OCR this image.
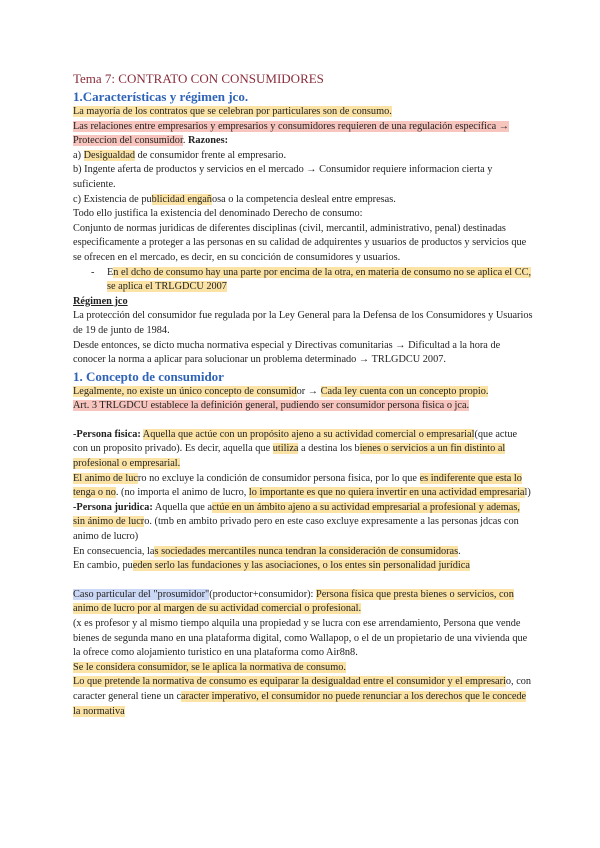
Tema 7: CONTRATO CON CONSUMIDORES
1.Características y régimen jco.

La mayoría de los contratos que se celebran por particulares son de consumo.

Las relaciones entre empresarios y empresarios y consumidores requieren de una regulación específica → Proteccion del consumidor. Razones:

a) Desigualdad de consumidor frente al empresario.

b) Ingente aferta de productos y servicios en el mercado → Consumidor requiere informacion cierta y suficiente.

c) Existencia de publicidad engañosa o la competencia desleal entre empresas.

Todo ello justifica la existencia del denominado Derecho de consumo:

Conjunto de normas juridicas de diferentes disciplinas (civil, mercantil, administrativo, penal) destinadas especificamente a proteger a las personas en su calidad de adquirentes y usuarios de productos y servicios que se ofrecen en el mercado, es decir, en su concición de consumidores y usuarios.

-	En el dcho de consumo hay una parte por encima de la otra, en materia de consumo no se aplica el CC, se aplica el TRLGDCU 2007
Régimen jco

La protección del consumidor fue regulada por la Ley General para la Defensa de los Consumidores y Usuarios de 19 de junto de 1984.

Desde entonces, se dicto mucha normativa especial y Directivas comunitarias → Dificultad a la hora de conocer la norma a aplicar para solucionar un problema determinado → TRLGDCU 2007.

1. Concepto de consumidor

Legalmente, no existe un único concepto de consumidor → Cada ley cuenta con un concepto propio.

Art. 3 TRLGDCU establece la definición general, pudiendo ser consumidor persona fisica o jca.

-Persona fisica: Aquella que actúe con un propósito ajeno a su actividad comercial o empresarial(que actue con un proposito privado). Es decir, aquella que utiliza a destina los bienes o servicios a un fin distinto al profesional o empresarial.

El animo de lucro no excluye la condición de consumidor persona fisica, por lo que es indiferente que esta lo tenga o no. (no importa el animo de lucro, lo importante es que no quiera invertir en una actividad empresarial)

-Persona juridica: Aquella que actúe en un ámbito ajeno a su actividad empresarial a profesional y ademas, sin ánimo de lucro. (tmb en ambito privado pero en este caso excluye expresamente a las personas jdcas con animo de lucro)

En consecuencia, las sociedades mercantiles nunca tendran la consideración de consumidoras.

En cambio, pueden serlo las fundaciones y las asociaciones, o los entes sin personalidad jurídica

Caso particular del "prosumidor"(productor+consumidor): Persona física que presta bienes o servicios, con animo de lucro por al margen de su actividad comercial o profesional.

(x es profesor y al mismo tiempo alquila una propiedad y se lucra con ese arrendamiento, Persona que vende bienes de segunda mano en una plataforma digital, como Wallapop, o el de un propietario de una vivienda que la ofrece como alojamiento turistico en una plataforma como Air8n8.

Se le considera consumidor, se le aplica la normativa de consumo.

Lo que pretende la normativa de consumo es equiparar la desigualdad entre el consumidor y el empresario, con caracter general tiene un caracter imperativo, el consumidor no puede renunciar a los derechos que le concede la normativa
